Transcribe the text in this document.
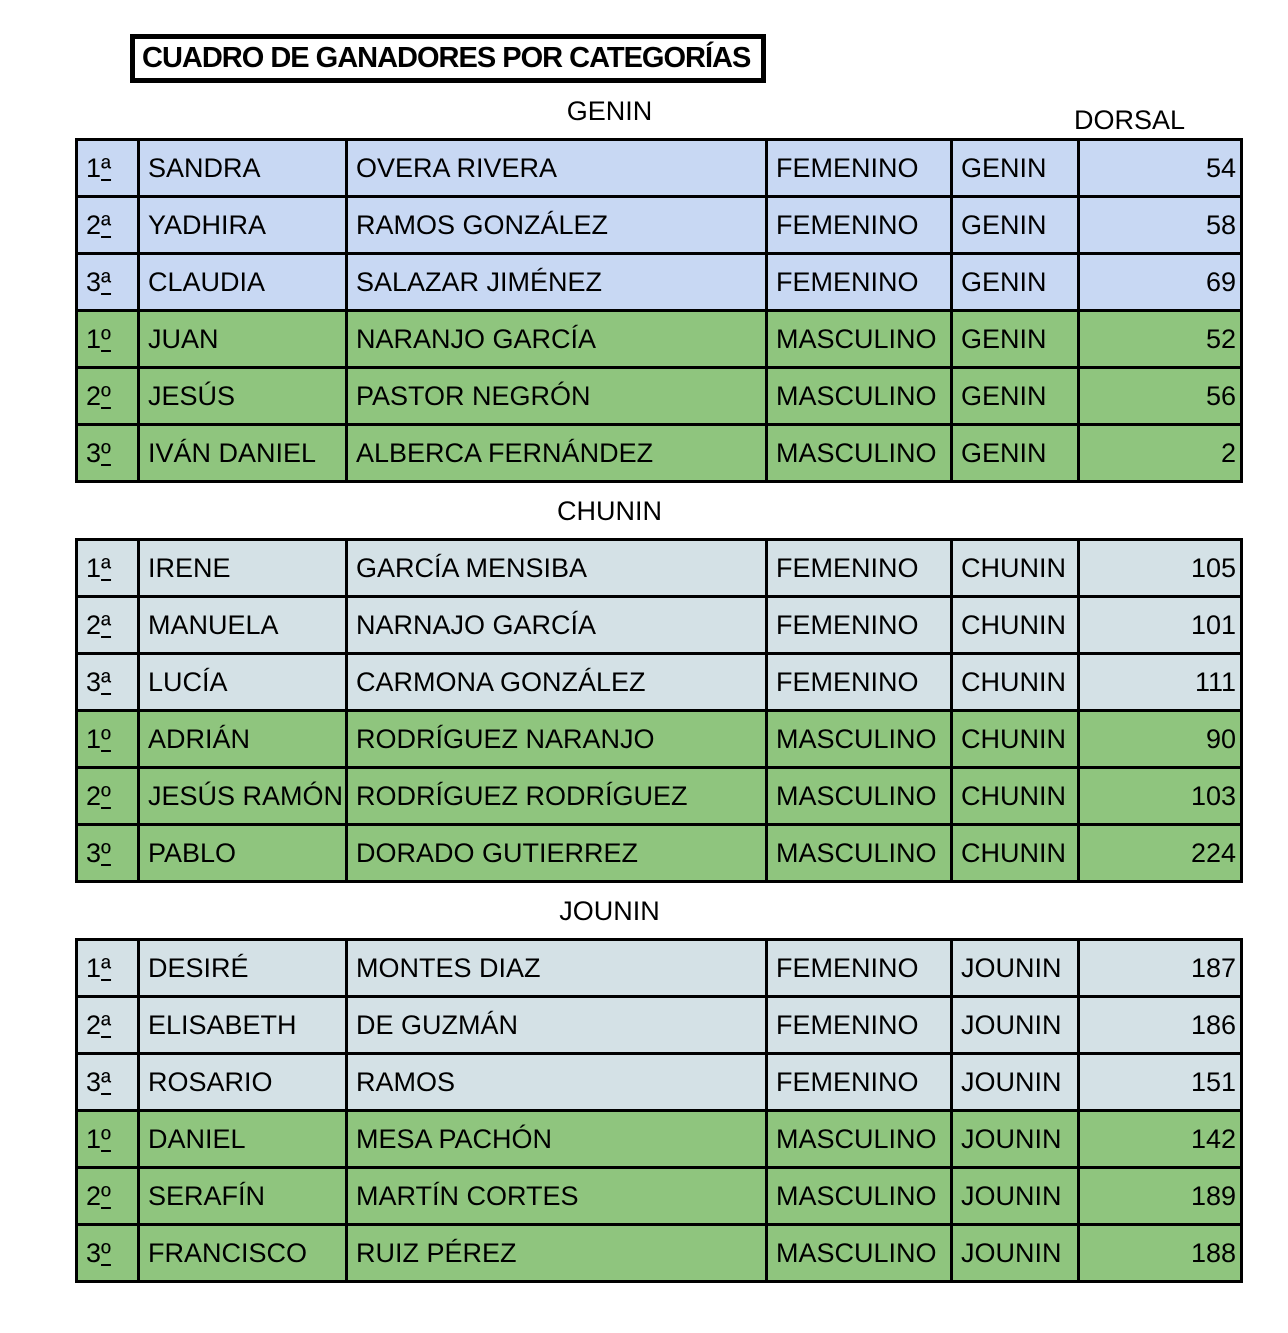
CUADRO DE GANADORES POR CATEGORÍAS
GENIN	DORSAL
1ª	SANDRA	OVERA RIVERA	FEMENINO	GENIN	54
2ª	YADHIRA	RAMOS GONZÁLEZ	FEMENINO	GENIN	58
3ª	CLAUDIA	SALAZAR JIMÉNEZ	FEMENINO	GENIN	69
1º	JUAN	NARANJO GARCÍA	MASCULINO	GENIN	52
2º	JESÚS	PASTOR NEGRÓN	MASCULINO	GENIN	56
3º	IVÁN DANIEL	ALBERCA FERNÁNDEZ	MASCULINO	GENIN	2
CHUNIN
1ª	IRENE	GARCÍA MENSIBA	FEMENINO	CHUNIN	105
2ª	MANUELA	NARNAJO GARCÍA	FEMENINO	CHUNIN	101
3ª	LUCÍA	CARMONA GONZÁLEZ	FEMENINO	CHUNIN	111
1º	ADRIÁN	RODRÍGUEZ NARANJO	MASCULINO	CHUNIN	90
2º	JESÚS RAMÓN	RODRÍGUEZ RODRÍGUEZ	MASCULINO	CHUNIN	103
3º	PABLO	DORADO GUTIERREZ	MASCULINO	CHUNIN	224
JOUNIN
1ª	DESIRÉ	MONTES DIAZ	FEMENINO	JOUNIN	187
2ª	ELISABETH	DE GUZMÁN	FEMENINO	JOUNIN	186
3ª	ROSARIO	RAMOS	FEMENINO	JOUNIN	151
1º	DANIEL	MESA PACHÓN	MASCULINO	JOUNIN	142
2º	SERAFÍN	MARTÍN CORTES	MASCULINO	JOUNIN	189
3º	FRANCISCO	RUIZ PÉREZ	MASCULINO	JOUNIN	188
